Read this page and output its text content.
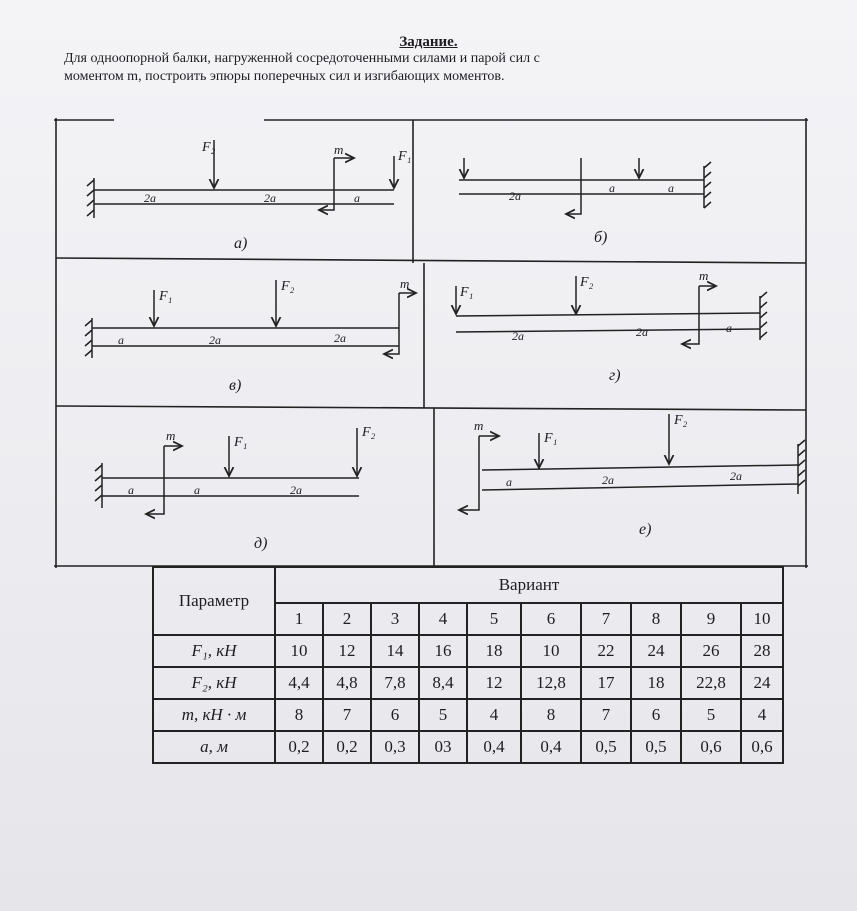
Задание.
Для одноопорной балки, нагруженной сосредоточенными силами и парой сил с
моментом m, построить эпюры поперечных сил и изгибающих моментов.
F₂
F₁
m
2a	2a	a
а)
2a
a	a
б)
F₁
F₂	m
a	2a	2a
в)
F₁
F₂	m
2a	2a	a
г)
m	F₁
F₂
a	a	2a
д)
m
F₁
F₂
a	2a	2a
е)
Параметр	Вариант									
	1	2	3	4	5	6	7	8	9	10
F₁, кН	10	12	14	16	18	10	22	24	26	28
F₂, кН	4,4	4,8	7,8	8,4	12	12,8	17	18	22,8	24
m, кН · м	8	7	6	5	4	8	7	6	5	4
a, м	0,2	0,2	0,3	03	0,4	0,4	0,5	0,5	0,6	0,6
